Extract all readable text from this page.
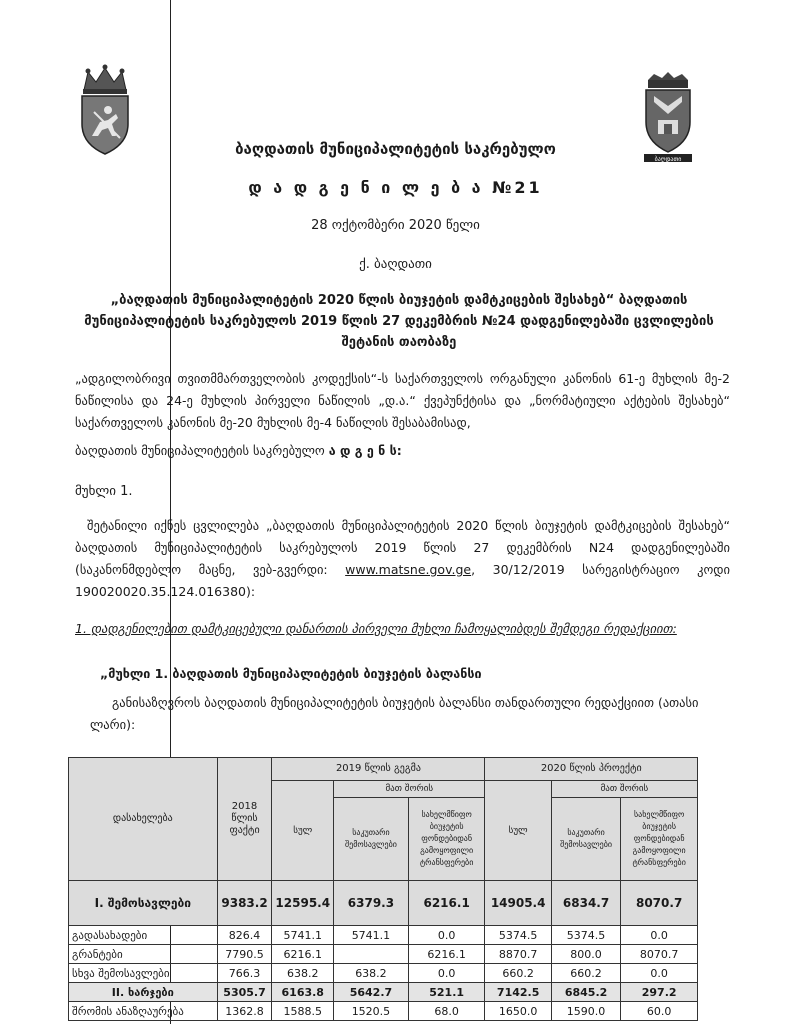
ბაღდათი
ბაღდათის მუნიციპალიტეტის საკრებულო
დ ა დ გ ე ნ ი ლ ე ბ ა №21
28 ოქტომბერი 2020 წელი
ქ. ბაღდათი
„ბაღდათის მუნიციპალიტეტის 2020 წლის ბიუჯეტის დამტკიცების შესახებ“ ბაღდათის მუნიციპალიტეტის საკრებულოს 2019 წლის 27 დეკემბრის №24 დადგენილებაში ცვლილების შეტანის თაობაზე
„ადგილობრივი თვითმმართველობის კოდექსის“-ს საქართველოს ორგანული კანონის 61-ე მუხლის მე-2 ნაწილისა და 24-ე მუხლის პირველი ნაწილის „დ.ა.“ ქვეპუნქტისა და „ნორმატიული აქტების შესახებ“ საქართველოს კანონის მე-20 მუხლის მე-4 ნაწილის შესაბამისად,
ბაღდათის მუნიციპალიტეტის საკრებულო ა დ გ ე ნ ს:
მუხლი 1.
შეტანილი იქნეს ცვლილება „ბაღდათის მუნიციპალიტეტის 2020 წლის ბიუჯეტის დამტკიცების შესახებ“ ბაღდათის მუნიციპალიტეტის საკრებულოს 2019 წლის 27 დეკემბრის N24 დადგენილებაში (საკანონმდებლო მაცნე, ვებ-გვერდი: www.matsne.gov.ge, 30/12/2019 სარეგისტრაციო კოდი 190020020.35.124.016380):
1. დადგენილებით დამტკიცებული დანართის პირველი მუხლი ჩამოყალიბდეს შემდეგი რედაქციით:
„მუხლი 1. ბაღდათის მუნიციპალიტეტის ბიუჯეტის ბალანსი
განისაზღვროს ბაღდათის მუნიციპალიტეტის ბიუჯეტის ბალანსი თანდართული რედაქციით (ათასი ლარი):
დასახელება	2018 წლის ფაქტი	2019 წლის გეგმა			2020 წლის პროექტი		
		სულ	მათ შორის		სულ	მათ შორის	
			საკუთარი შემოსავლები	სახელმწიფო ბიუჯეტის ფონდებიდან გამოყოფილი ტრანსფერები		საკუთარი შემოსავლები	სახელმწიფო ბიუჯეტის ფონდებიდან გამოყოფილი ტრანსფერები
I. შემოსავლები	9383.2	12595.4	6379.3	6216.1	14905.4	6834.7	8070.7
გადასახადები	826.4	5741.1	5741.1	0.0	5374.5	5374.5	0.0
გრანტები	7790.5	6216.1		6216.1	8870.7	800.0	8070.7
სხვა შემოსავლები	766.3	638.2	638.2	0.0	660.2	660.2	0.0
II. ხარჯები	5305.7	6163.8	5642.7	521.1	7142.5	6845.2	297.2
შრომის ანაზღაურება	1362.8	1588.5	1520.5	68.0	1650.0	1590.0	60.0
